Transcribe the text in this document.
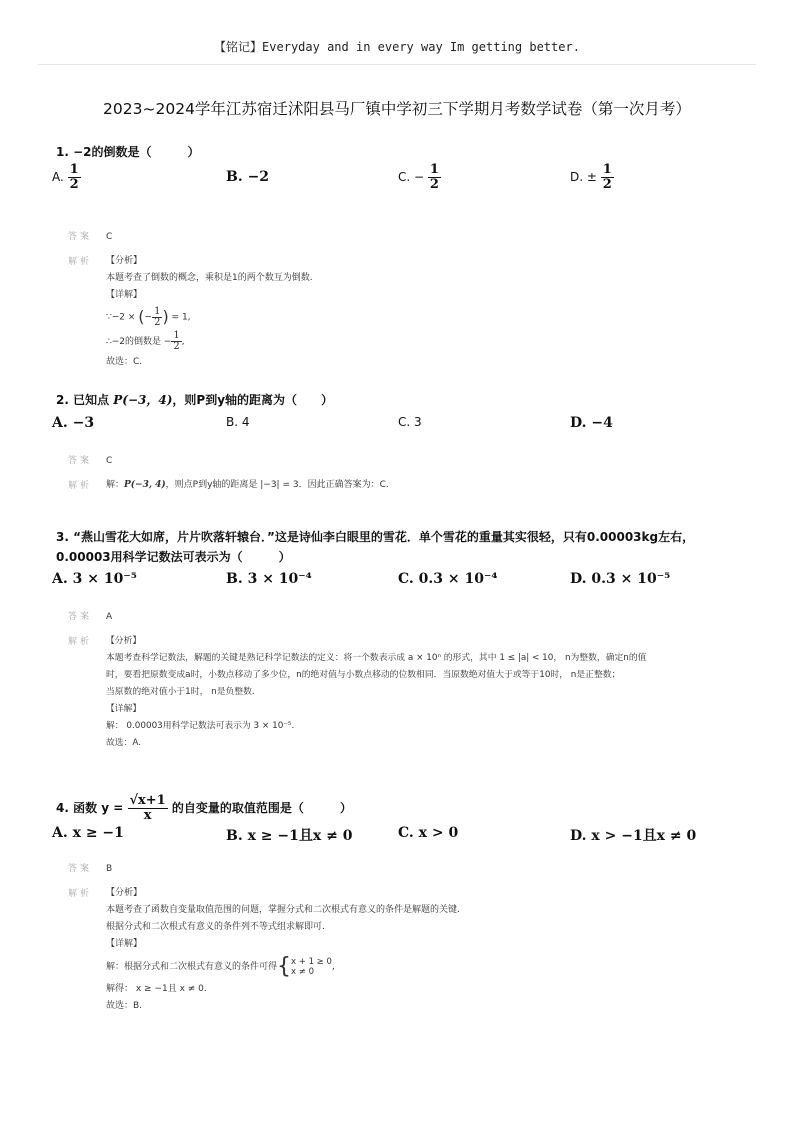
【铭记】Everyday and in every way Im getting better.
2023~2024学年江苏宿迁沭阳县马厂镇中学初三下学期月考数学试卷（第一次月考）
1. −2的倒数是（　　　）
A. $\frac{1}{2}$	B. −2	C. − $\frac{1}{2}$	D. ± $\frac{1}{2}$
答案 C
解析 【分析】
本题考查了倒数的概念，乘积是1的两个数互为倒数.
【详解】
∵−2 × (− $\frac{1}{2}$ ) = 1,
∴−2的倒数是 − $\frac{1}{2}$ ,
故选：C.
2. 已知点 P(−3，4)，则P到y轴的距离为（　　）
A. −3	B. 4	C. 3	D. −4
答案 C
解析 解：P(−3, 4)，则点P到y轴的距离是 |−3| = 3．因此正确答案为：C.
3. “燕山雪花大如席，片片吹落轩辕台．”这是诗仙李白眼里的雪花．单个雪花的重量其实很轻，只有0.00003kg左右，0.00003用科学记数法可表示为（　　　）
A. 3 × 10⁻⁵	B. 3 × 10⁻⁴	C. 0.3 × 10⁻⁴	D. 0.3 × 10⁻⁵
答案 A
解析 【分析】
本题考查科学记数法，解题的关键是熟记科学记数法的定义：将一个数表示成 a × 10ⁿ 的形式，其中 1 ≤ |a| < 10， n为整数，确定n的值
时，要看把原数变成a时，小数点移动了多少位，n的绝对值与小数点移动的位数相同．当原数绝对值大于或等于10时， n是正整数；
当原数的绝对值小于1时， n是负整数.
【详解】
解： 0.00003用科学记数法可表示为 3 × 10⁻⁵.
故选：A.
4. 函数 $y = \frac{√x+1}{x}$ 的自变量的取值范围是（　　　）
A. x ≥ −1	B. x ≥ −1且x ≠ 0	C. x > 0	D. x > −1且x ≠ 0
答案 B
解析 【分析】
本题考查了函数自变量取值范围的问题，掌握分式和二次根式有意义的条件是解题的关键.
根据分式和二次根式有意义的条件列不等式组求解即可.
【详解】
解：根据分式和二次根式有意义的条件可得 { x + 1 ≥ 0
x ≠ 0	,
解得： x ≥ −1且 x ≠ 0.
故选：B.
